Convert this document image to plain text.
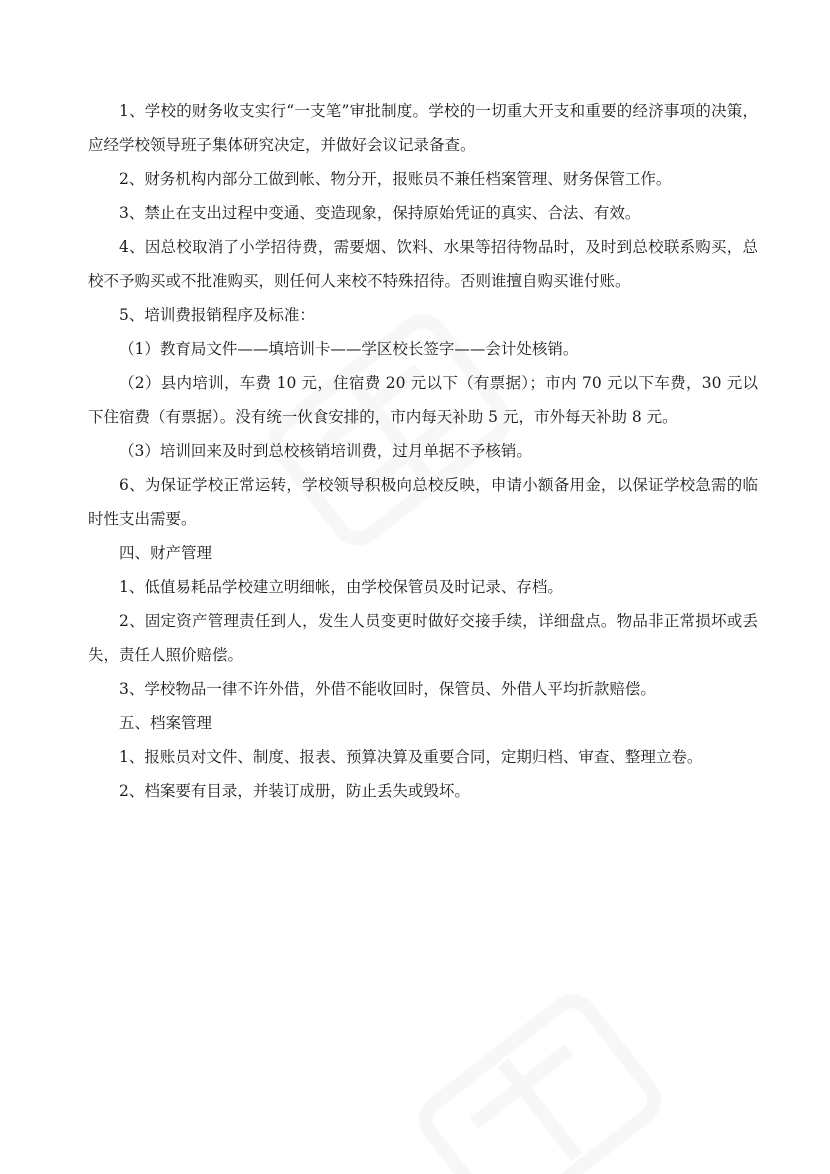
1、学校的财务收支实行“一支笔”审批制度。学校的一切重大开支和重要的经济事项的决策，应经学校领导班子集体研究决定，并做好会议记录备查。

2、财务机构内部分工做到帐、物分开，报账员不兼任档案管理、财务保管工作。

3、禁止在支出过程中变通、变造现象，保持原始凭证的真实、合法、有效。

4、因总校取消了小学招待费，需要烟、饮料、水果等招待物品时，及时到总校联系购买，总校不予购买或不批准购买，则任何人来校不特殊招待。否则谁擅自购买谁付账。

5、培训费报销程序及标准：

（1）教育局文件——填培训卡——学区校长签字——会计处核销。

（2）县内培训，车费 10 元，住宿费 20 元以下（有票据）；市内 70 元以下车费，30 元以下住宿费（有票据）。没有统一伙食安排的，市内每天补助 5 元，市外每天补助 8 元。

（3）培训回来及时到总校核销培训费，过月单据不予核销。

6、为保证学校正常运转，学校领导积极向总校反映，申请小额备用金，以保证学校急需的临时性支出需要。

四、财产管理

1、低值易耗品学校建立明细帐，由学校保管员及时记录、存档。

2、固定资产管理责任到人，发生人员变更时做好交接手续，详细盘点。物品非正常损坏或丢失，责任人照价赔偿。

3、学校物品一律不许外借，外借不能收回时，保管员、外借人平均折款赔偿。

五、档案管理

1、报账员对文件、制度、报表、预算决算及重要合同，定期归档、审查、整理立卷。

2、档案要有目录，并装订成册，防止丢失或毁坏。
